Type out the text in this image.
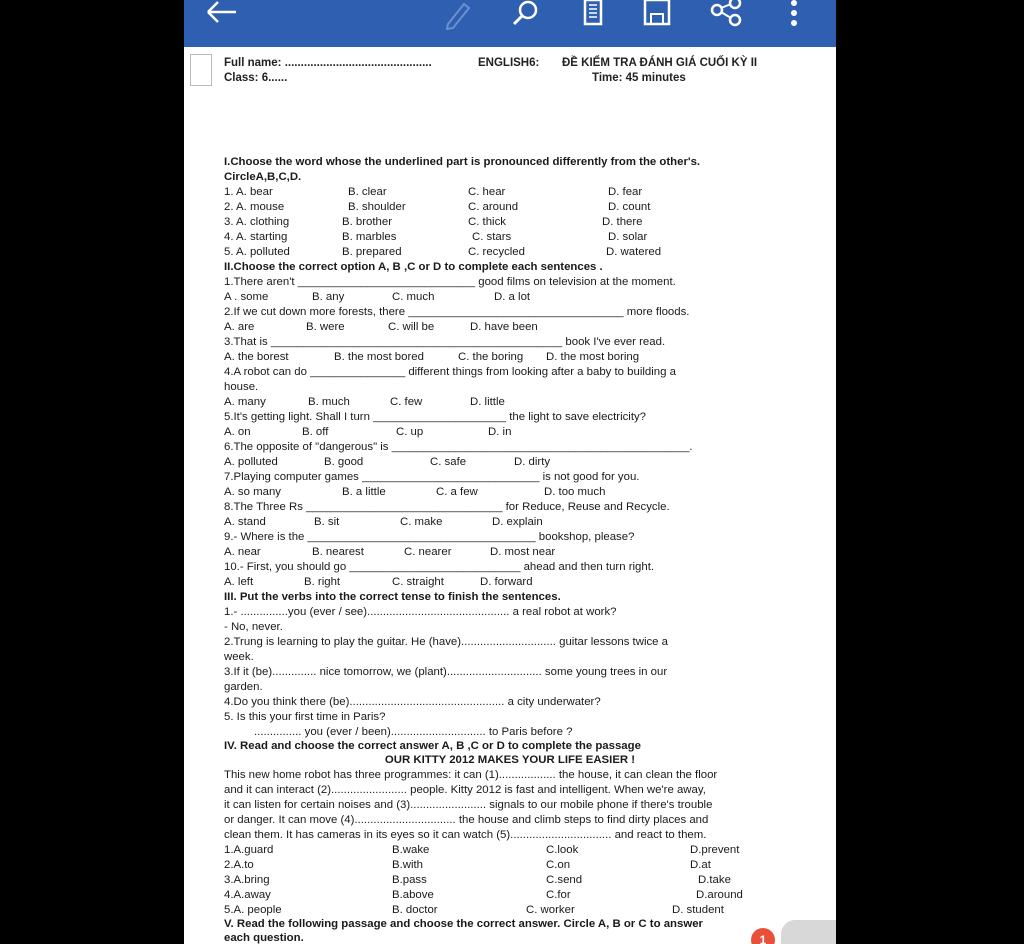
Full name: ..............................................
Class: 6......
ENGLISH6: ĐỀ KIỂM TRA ĐÁNH GIÁ CUỐI KỲ II
Time: 45 minutes
I.Choose the word whose the underlined part is pronounced differently from the other's.
CircleA,B,C,D.
1. A. bear	B. clear	C. hear	D. fear
2. A. mouse	B. shoulder	C. around	D. count
3. A. clothing	B. brother	C. thick	D. there
4. A. starting	B. marbles	C. stars	D. solar
5. A. polluted	B. prepared	C. recycled	D. watered
II.Choose the correct option A, B ,C or D to complete each sentences .
1.There aren't ____________________________ good films on television at the moment.
A . some	B. any	C. much	D. a lot
2.If we cut down more forests, there __________________________________ more floods.
A. are	B. were	C. will be	D. have been
3.That is ______________________________________________ book I've ever read.
A. the borest	B. the most bored	C. the boring D. the most boring
4.A robot can do _______________ different things from looking after a baby to building a
house.
A. many	B. much	C. few	D. little
5.It's getting light. Shall I turn _____________________ the light to save electricity?
A. on	B. off	C. up	D. in
6.The opposite of "dangerous" is _______________________________________________.
A. polluted	B. good	C. safe	D. dirty
7.Playing computer games ____________________________ is not good for you.
A. so many	B. a little	C. a few	D. too much
8.The Three Rs _______________________________ for Reduce, Reuse and Recycle.
A. stand	B. sit	C. make	D. explain
9.- Where is the ____________________________________ bookshop, please?
A. near	B. nearest	C. nearer	D. most near
10.- First, you should go ___________________________ ahead and then turn right.
A. left	B. right	C. straight	D. forward
III. Put the verbs into the correct tense to finish the sentences.
1.- ...............you (ever / see)............................................. a real robot at work?
- No, never.
2.Trung is learning to play the guitar. He (have).............................. guitar lessons twice a
week.
3.If it (be).............. nice tomorrow, we (plant).............................. some young trees in our
garden.
4.Do you think there (be)................................................. a city underwater?
5. Is this your first time in Paris?
............... you (ever / been).............................. to Paris before ?
IV. Read and choose the correct answer A, B ,C or D to complete the passage
OUR KITTY 2012 MAKES YOUR LIFE EASIER !
This new home robot has three programmes: it can (1).................. the house, it can clean the floor
and it can interact (2)........................ people. Kitty 2012 is fast and intelligent. When we're away,
it can listen for certain noises and (3)........................ signals to our mobile phone if there's trouble
or danger. It can move (4)................................ the house and climb steps to find dirty places and
clean them. It has cameras in its eyes so it can watch (5)................................ and react to them.
1.A.guard	B.wake	C.look	D.prevent
2.A.to	B.with	C.on	D.at
3.A.bring	B.pass	C.send	D.take
4.A.away	B.above	C.for	D.around
5.A. people	B. doctor	C. worker	D. student
V. Read the following passage and choose the correct answer. Circle A, B or C to answer
each question.	1
